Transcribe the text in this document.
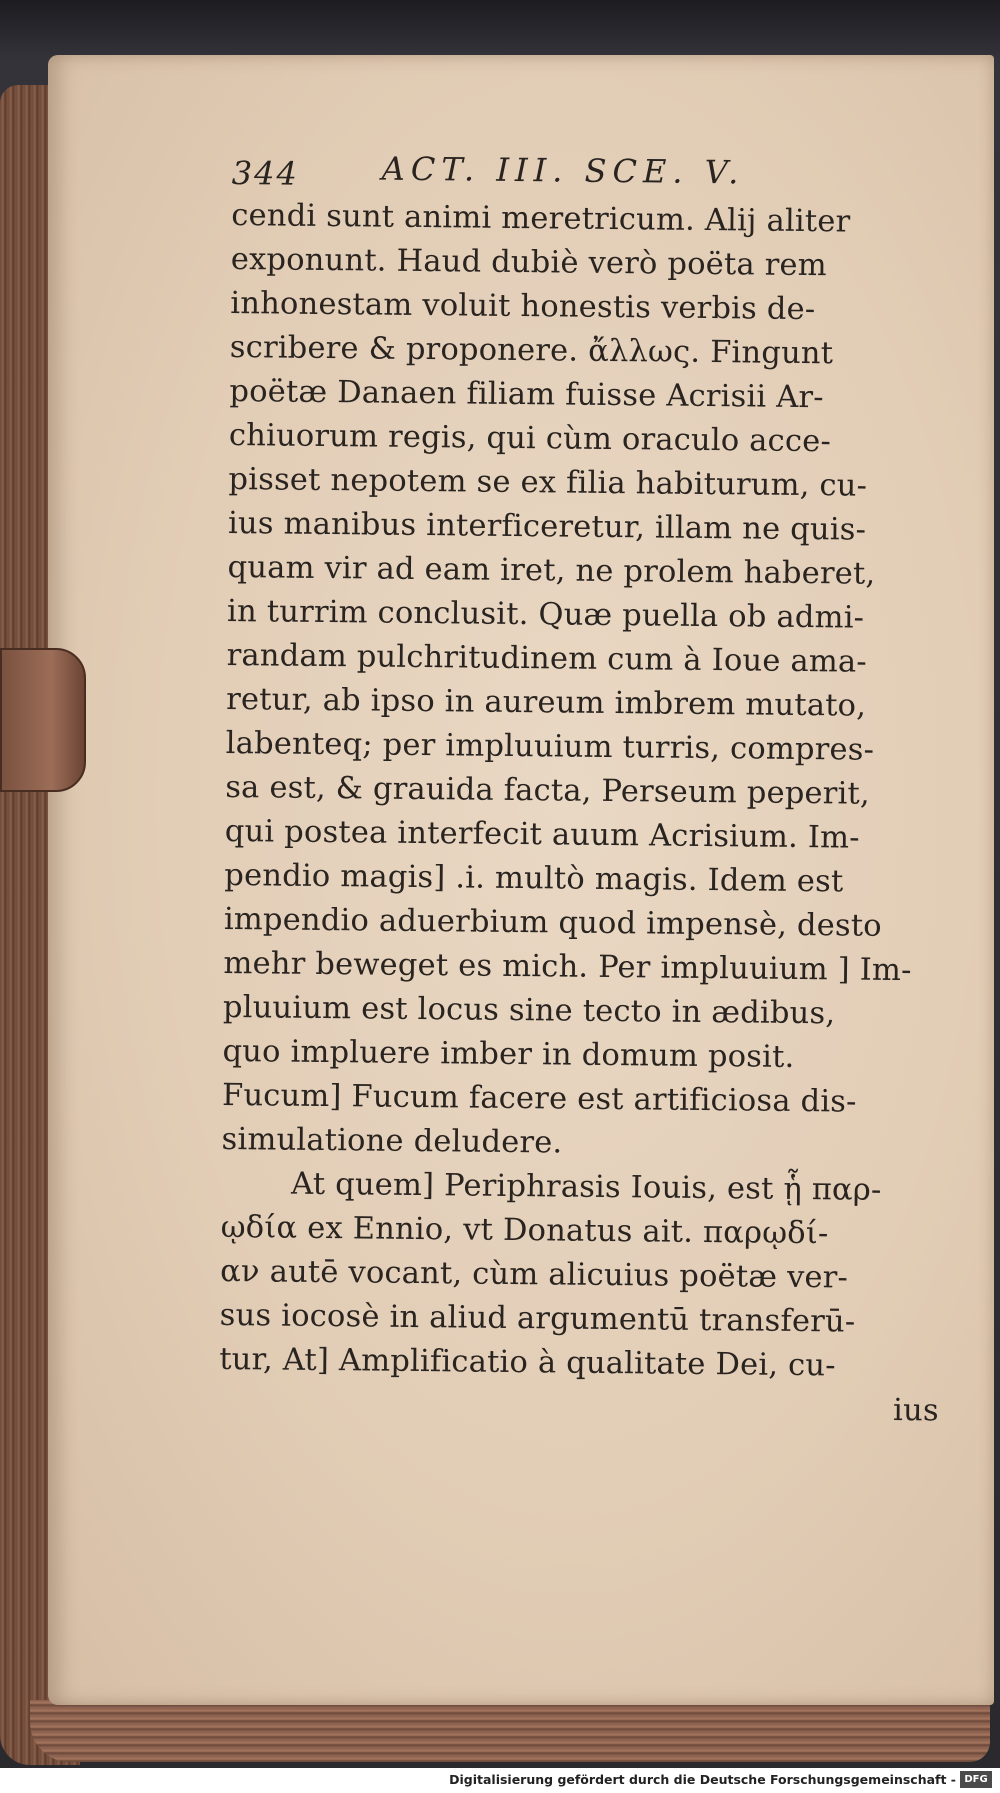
344	ACT. III. SCE. V.
cendi sunt animi meretricum. Alij aliter
exponunt. Haud dubiè verò poëta rem
inhonestam voluit honestis verbis de-
scribere & proponere. ἄλλως. Fingunt
poëtæ Danaen filiam fuisse Acrisii Ar-
chiuorum regis, qui cùm oraculo acce-
pisset nepotem se ex filia habiturum, cu-
ius manibus interficeretur, illam ne quis-
quam vir ad eam iret, ne prolem haberet,
in turrim conclusit. Quæ puella ob admi-
randam pulchritudinem cum à Ioue ama-
retur, ab ipso in aureum imbrem mutato,
labenteq; per impluuium turris, compres-
sa est, & grauida facta, Perseum peperit,
qui postea interfecit auum Acrisium. Im-
pendio magis] .i. multò magis. Idem est
impendio aduerbium quod impensè, desto
mehr beweget es mich. Per impluuium ] Im-
pluuium est locus sine tecto in ædibus,
quo impluere imber in domum posit.
Fucum] Fucum facere est artificiosa dis-
simulatione deludere.
At quem] Periphrasis Iouis, est ᾗ παρ-
ῳδία ex Ennio, vt Donatus ait. παρῳδί-
αν autē vocant, cùm alicuius poëtæ ver-
sus iocosè in aliud argumentū transferū-
tur, At] Amplificatio à qualitate Dei, cu-
ius
Digitalisierung gefördert durch die Deutsche Forschungsgemeinschaft - DFG
